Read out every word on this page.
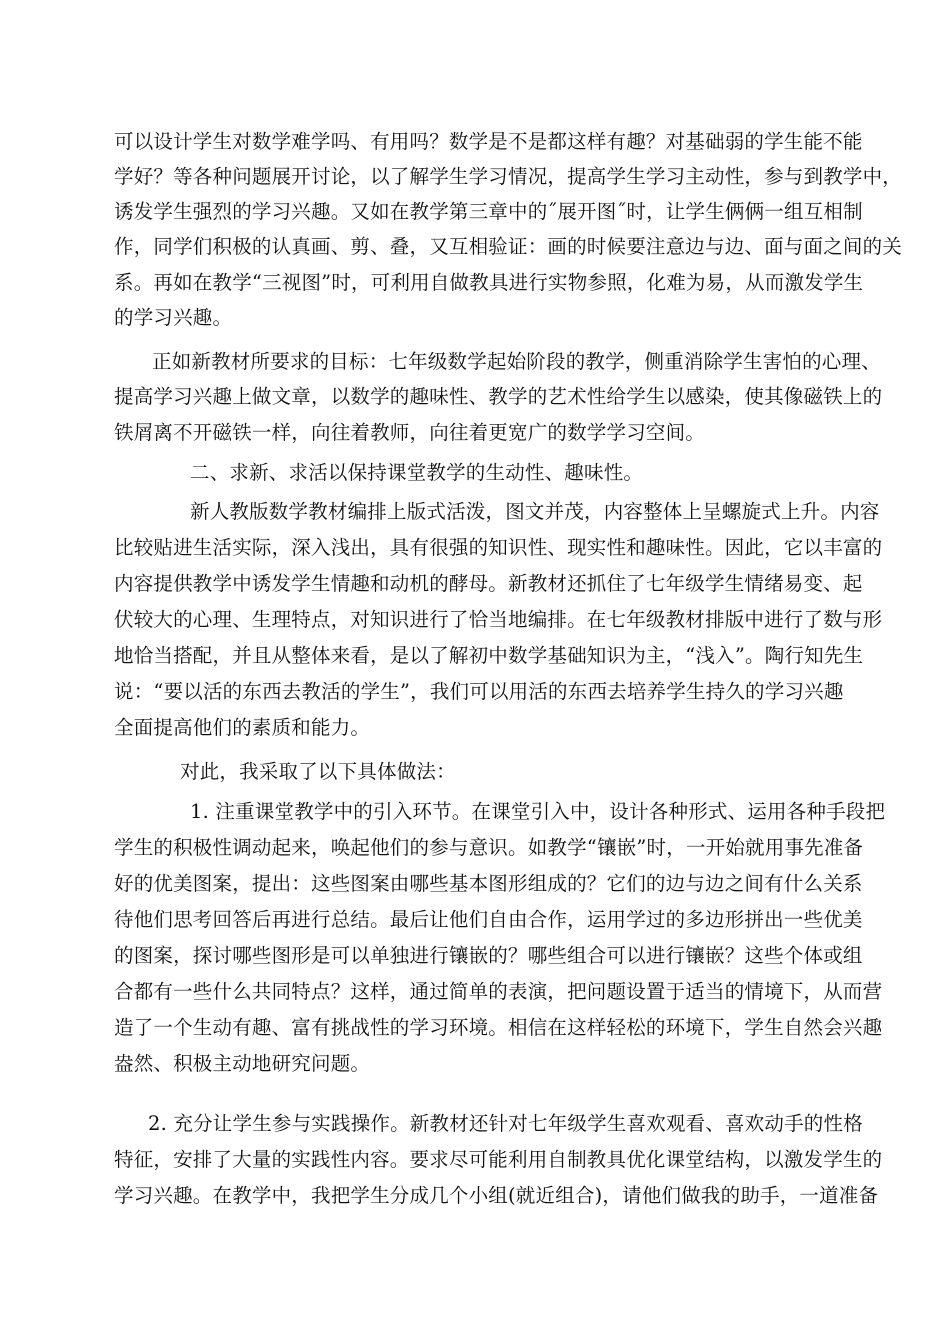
可以设计学生对数学难学吗、有用吗？数学是不是都这样有趣？对基础弱的学生能不能
学好？等各种问题展开讨论，以了解学生学习情况，提高学生学习主动性，参与到教学中，
诱发学生强烈的学习兴趣。又如在教学第三章中的˝展开图˝时，让学生俩俩一组互相制
作，同学们积极的认真画、剪、叠，又互相验证：画的时候要注意边与边、面与面之间的关
系。再如在教学“三视图”时，可利用自做教具进行实物参照，化难为易，从而激发学生
的学习兴趣。
正如新教材所要求的目标：七年级数学起始阶段的教学，侧重消除学生害怕的心理、
提高学习兴趣上做文章，以数学的趣味性、教学的艺术性给学生以感染，使其像磁铁上的
铁屑离不开磁铁一样，向往着教师，向往着更宽广的数学学习空间。
二、求新、求活以保持课堂教学的生动性、趣味性。
新人教版数学教材编排上版式活泼，图文并茂，内容整体上呈螺旋式上升。内容
比较贴进生活实际，深入浅出，具有很强的知识性、现实性和趣味性。因此，它以丰富的
内容提供教学中诱发学生情趣和动机的酵母。新教材还抓住了七年级学生情绪易变、起
伏较大的心理、生理特点，对知识进行了恰当地编排。在七年级教材排版中进行了数与形
地恰当搭配，并且从整体来看，是以了解初中数学基础知识为主，“浅入”。陶行知先生
说：“要以活的东西去教活的学生”，我们可以用活的东西去培养学生持久的学习兴趣
全面提高他们的素质和能力。
对此，我采取了以下具体做法：
1. 注重课堂教学中的引入环节。在课堂引入中，设计各种形式、运用各种手段把
学生的积极性调动起来，唤起他们的参与意识。如教学“镶嵌”时，一开始就用事先准备
好的优美图案，提出：这些图案由哪些基本图形组成的？它们的边与边之间有什么关系
待他们思考回答后再进行总结。最后让他们自由合作，运用学过的多边形拼出一些优美
的图案，探讨哪些图形是可以单独进行镶嵌的？哪些组合可以进行镶嵌？这些个体或组
合都有一些什么共同特点？这样，通过简单的表演，把问题设置于适当的情境下，从而营
造了一个生动有趣、富有挑战性的学习环境。相信在这样轻松的环境下，学生自然会兴趣
盎然、积极主动地研究问题。
2. 充分让学生参与实践操作。新教材还针对七年级学生喜欢观看、喜欢动手的性格
特征，安排了大量的实践性内容。要求尽可能利用自制教具优化课堂结构，以激发学生的
学习兴趣。在教学中，我把学生分成几个小组(就近组合)，请他们做我的助手，一道准备
